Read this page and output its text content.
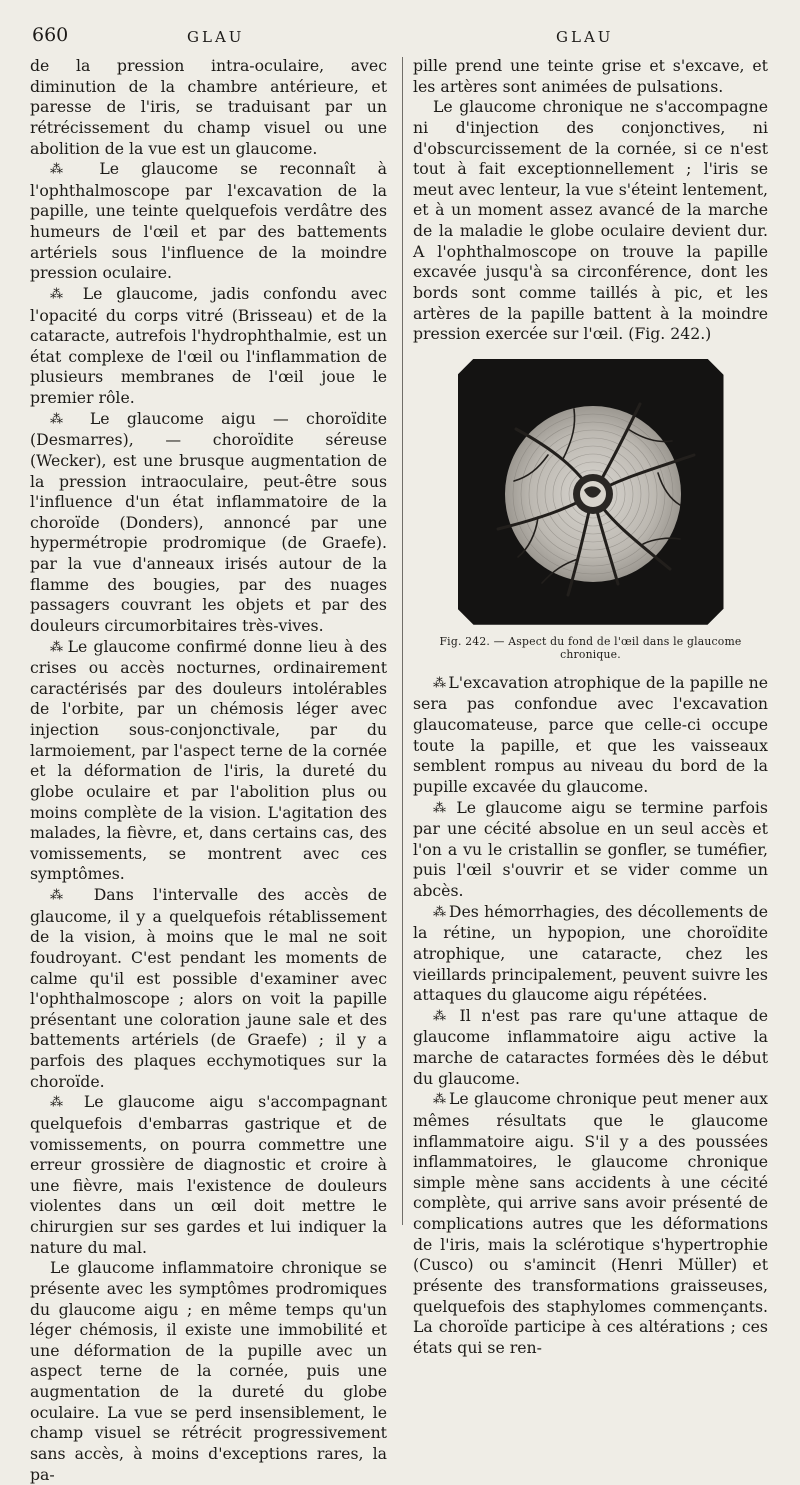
660	GLAU	GLAU

de la pression intra-oculaire, avec diminution de la chambre antérieure, et paresse de l'iris, se traduisant par un rétrécissement du champ visuel ou une abolition de la vue est un glaucome.

⁂ Le glaucome se reconnaît à l'ophthalmoscope par l'excavation de la papille, une teinte quelquefois verdâtre des humeurs de l'œil et par des battements artériels sous l'influence de la moindre pression oculaire.

⁂ Le glaucome, jadis confondu avec l'opacité du corps vitré (Brisseau) et de la cataracte, autrefois l'hydrophthalmie, est un état complexe de l'œil ou l'inflammation de plusieurs membranes de l'œil joue le premier rôle.

⁂ Le glaucome aigu — choroïdite (Desmarres), — choroïdite séreuse (Wecker), est une brusque augmentation de la pression intraoculaire, peut-être sous l'influence d'un état inflammatoire de la choroïde (Donders), annoncé par une hypermétropie prodromique (de Graefe). par la vue d'anneaux irisés autour de la flamme des bougies, par des nuages passagers couvrant les objets et par des douleurs circumorbitaires très-vives.

⁂ Le glaucome confirmé donne lieu à des crises ou accès nocturnes, ordinairement caractérisés par des douleurs intolérables de l'orbite, par un chémosis léger avec injection sous-conjonctivale, par du larmoiement, par l'aspect terne de la cornée et la déformation de l'iris, la dureté du globe oculaire et par l'abolition plus ou moins complète de la vision. L'agitation des malades, la fièvre, et, dans certains cas, des vomissements, se montrent avec ces symptômes.

⁂ Dans l'intervalle des accès de glaucome, il y a quelquefois rétablissement de la vision, à moins que le mal ne soit foudroyant. C'est pendant les moments de calme qu'il est possible d'examiner avec l'ophthalmoscope ; alors on voit la papille présentant une coloration jaune sale et des battements artériels (de Graefe) ; il y a parfois des plaques ecchymotiques sur la choroïde.

⁂ Le glaucome aigu s'accompagnant quelquefois d'embarras gastrique et de vomissements, on pourra commettre une erreur grossière de diagnostic et croire à une fièvre, mais l'existence de douleurs violentes dans un œil doit mettre le chirurgien sur ses gardes et lui indiquer la nature du mal.

Le glaucome inflammatoire chronique se présente avec les symptômes prodromiques du glaucome aigu ; en même temps qu'un léger chémosis, il existe une immobilité et une déformation de la pupille avec un aspect terne de la cornée, puis une augmentation de la dureté du globe oculaire. La vue se perd insensiblement, le champ visuel se rétrécit progressivement sans accès, à moins d'exceptions rares, la pa-

pille prend une teinte grise et s'excave, et les artères sont animées de pulsations.

Le glaucome chronique ne s'accompagne ni d'injection des conjonctives, ni d'obscurcissement de la cornée, si ce n'est tout à fait exceptionnellement ; l'iris se meut avec lenteur, la vue s'éteint lentement, et à un moment assez avancé de la marche de la maladie le globe oculaire devient dur. A l'ophthalmoscope on trouve la papille excavée jusqu'à sa circonférence, dont les bords sont comme taillés à pic, et les artères de la papille battent à la moindre pression exercée sur l'œil. (Fig. 242.)

Fig. 242. — Aspect du fond de l'œil dans le glaucome chronique.

⁂ L'excavation atrophique de la papille ne sera pas confondue avec l'excavation glaucomateuse, parce que celle-ci occupe toute la papille, et que les vaisseaux semblent rompus au niveau du bord de la pupille excavée du glaucome.

⁂ Le glaucome aigu se termine parfois par une cécité absolue en un seul accès et l'on a vu le cristallin se gonfler, se tuméfier, puis l'œil s'ouvrir et se vider comme un abcès.

⁂ Des hémorrhagies, des décollements de la rétine, un hypopion, une choroïdite atrophique, une cataracte, chez les vieillards principalement, peuvent suivre les attaques du glaucome aigu répétées.

⁂ Il n'est pas rare qu'une attaque de glaucome inflammatoire aigu active la marche de cataractes formées dès le début du glaucome.

⁂ Le glaucome chronique peut mener aux mêmes résultats que le glaucome inflammatoire aigu. S'il y a des poussées inflammatoires, le glaucome chronique simple mène sans accidents à une cécité complète, qui arrive sans avoir présenté de complications autres que les déformations de l'iris, mais la sclérotique s'hypertrophie (Cusco) ou s'amincit (Henri Müller) et présente des transformations graisseuses, quelquefois des staphylomes commençants. La choroïde participe à ces altérations ; ces états qui se ren-
